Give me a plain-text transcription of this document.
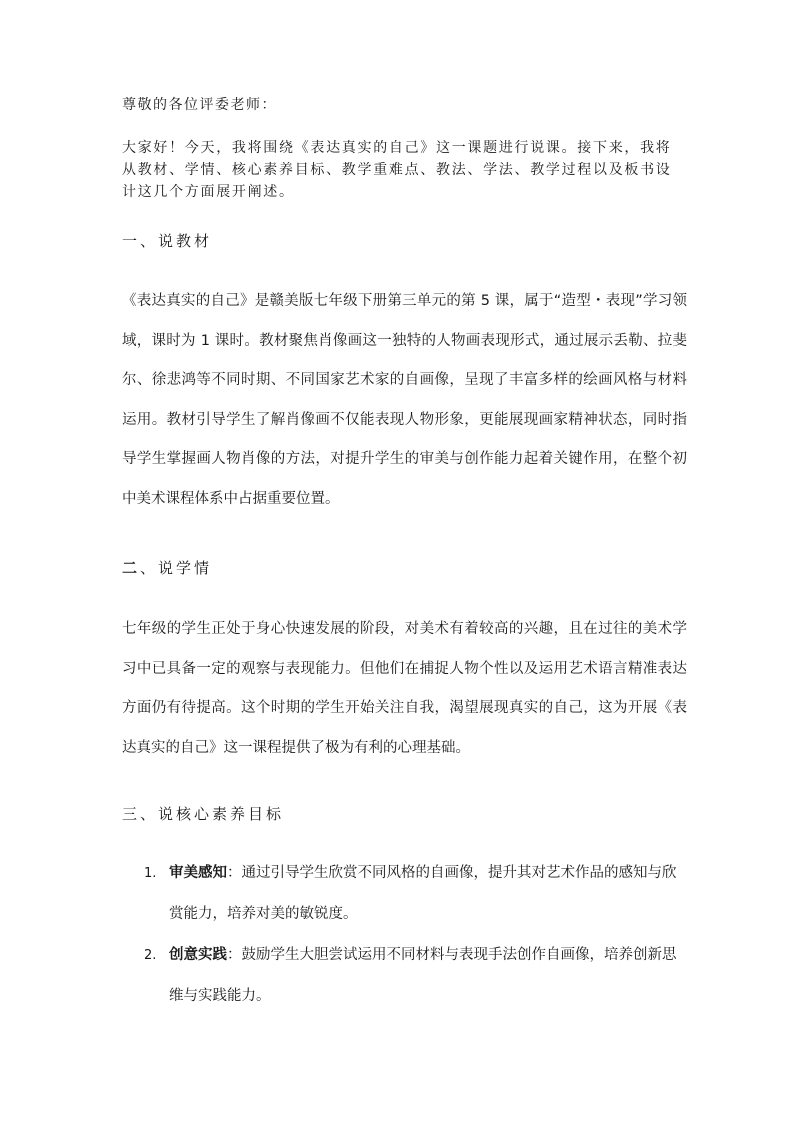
尊敬的各位评委老师：
大家好！今天，我将围绕《表达真实的自己》这一课题进行说课。接下来，我将从教材、学情、核心素养目标、教学重难点、教法、学法、教学过程以及板书设计这几个方面展开阐述。
一、说教材
《表达真实的自己》是赣美版七年级下册第三单元的第 5 课，属于“造型・表现”学习领域，课时为 1 课时。教材聚焦肖像画这一独特的人物画表现形式，通过展示丢勒、拉斐尔、徐悲鸿等不同时期、不同国家艺术家的自画像，呈现了丰富多样的绘画风格与材料运用。教材引导学生了解肖像画不仅能表现人物形象，更能展现画家精神状态，同时指导学生掌握画人物肖像的方法，对提升学生的审美与创作能力起着关键作用，在整个初中美术课程体系中占据重要位置。
二、说学情
七年级的学生正处于身心快速发展的阶段，对美术有着较高的兴趣，且在过往的美术学习中已具备一定的观察与表现能力。但他们在捕捉人物个性以及运用艺术语言精准表达方面仍有待提高。这个时期的学生开始关注自我，渴望展现真实的自己，这为开展《表达真实的自己》这一课程提供了极为有利的心理基础。
三、说核心素养目标
1. 审美感知：通过引导学生欣赏不同风格的自画像，提升其对艺术作品的感知与欣赏能力，培养对美的敏锐度。
2. 创意实践：鼓励学生大胆尝试运用不同材料与表现手法创作自画像，培养创新思维与实践能力。
